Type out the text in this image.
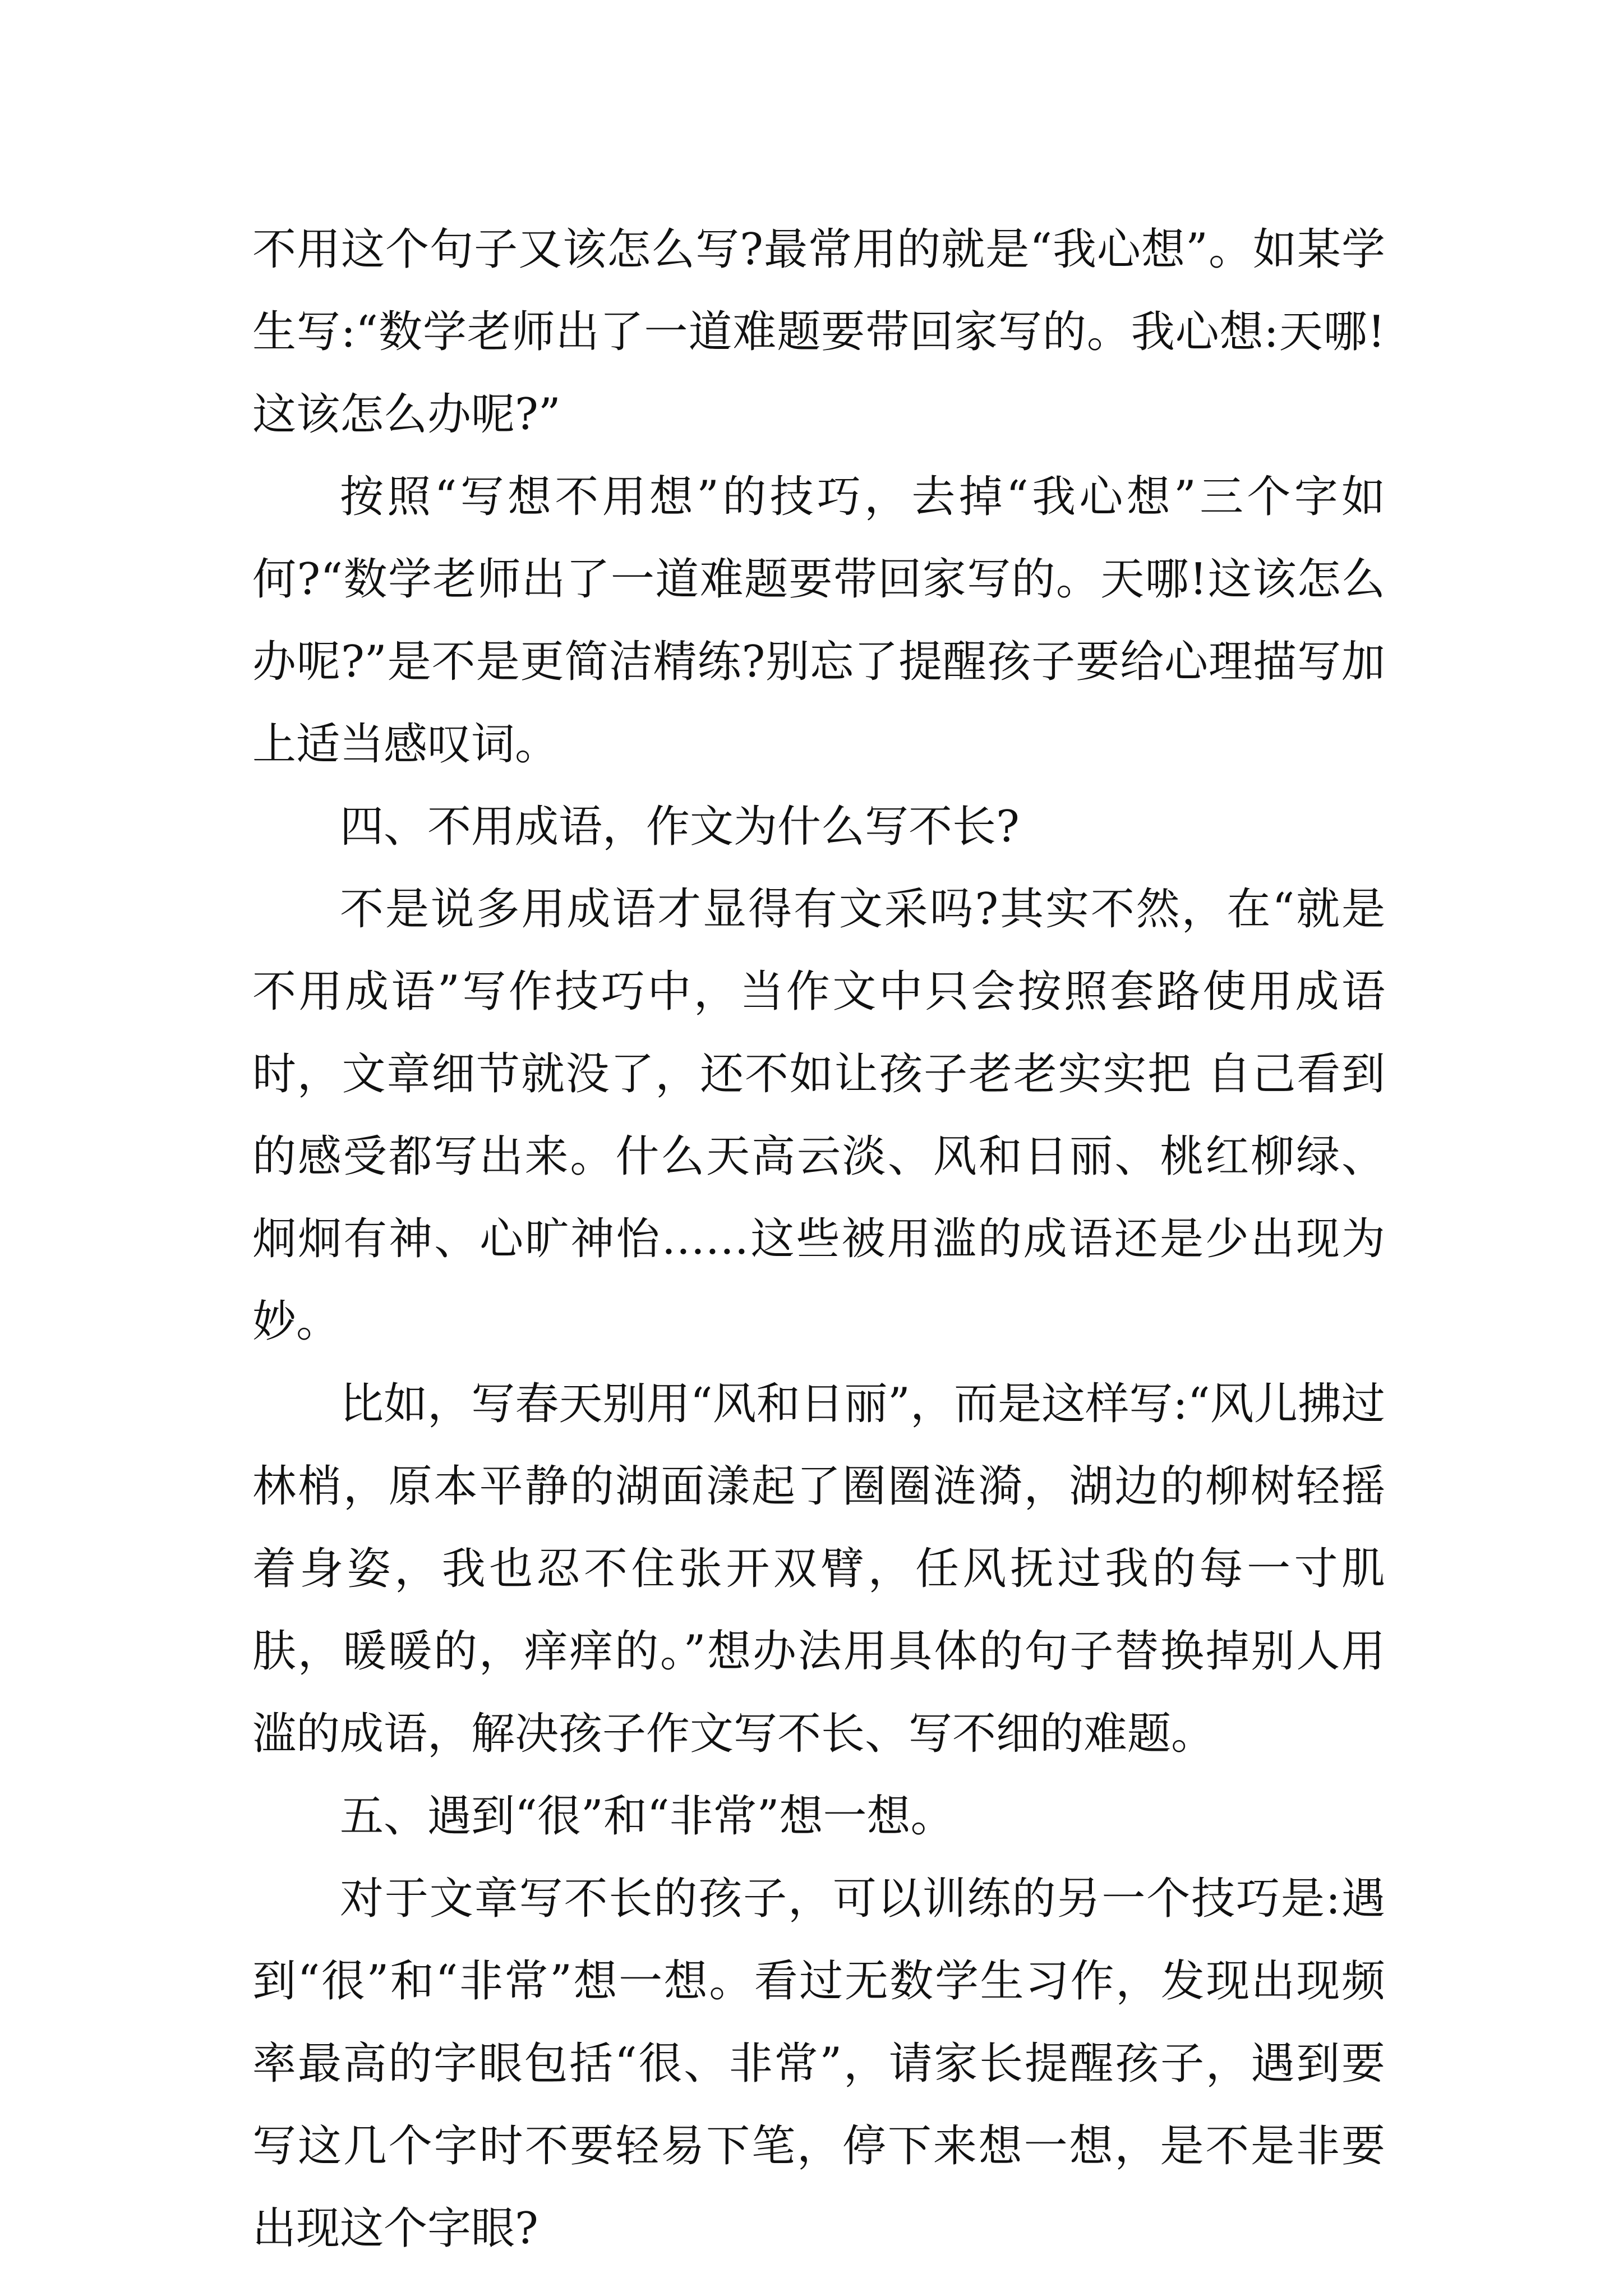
不用这个句子又该怎么写?最常用的就是“我心想”。如某学生写:“数学老师出了一道难题要带回家写的。我心想:天哪!这该怎么办呢?”

按照“写想不用想”的技巧，去掉“我心想”三个字如何?“数学老师出了一道难题要带回家写的。天哪!这该怎么办呢?”是不是更简洁精练?别忘了提醒孩子要给心理描写加上适当感叹词。

四、不用成语，作文为什么写不长?

不是说多用成语才显得有文采吗?其实不然，在“就是不用成语”写作技巧中，当作文中只会按照套路使用成语时，文章细节就没了，还不如让孩子老老实实把 自己看到的感受都写出来。什么天高云淡、风和日丽、桃红柳绿、炯炯有神、心旷神怡……这些被用滥的成语还是少出现为妙。

比如，写春天别用“风和日丽”，而是这样写:“风儿拂过林梢，原本平静的湖面漾起了圈圈涟漪，湖边的柳树轻摇着身姿，我也忍不住张开双臂，任风抚过我的每一寸肌肤，暖暖的，痒痒的。”想办法用具体的句子替换掉别人用滥的成语，解决孩子作文写不长、写不细的难题。

五、遇到“很”和“非常”想一想。

对于文章写不长的孩子，可以训练的另一个技巧是:遇到“很”和“非常”想一想。看过无数学生习作，发现出现频率最高的字眼包括“很、非常”，请家长提醒孩子，遇到要写这几个字时不要轻易下笔，停下来想一想，是不是非要出现这个字眼?
